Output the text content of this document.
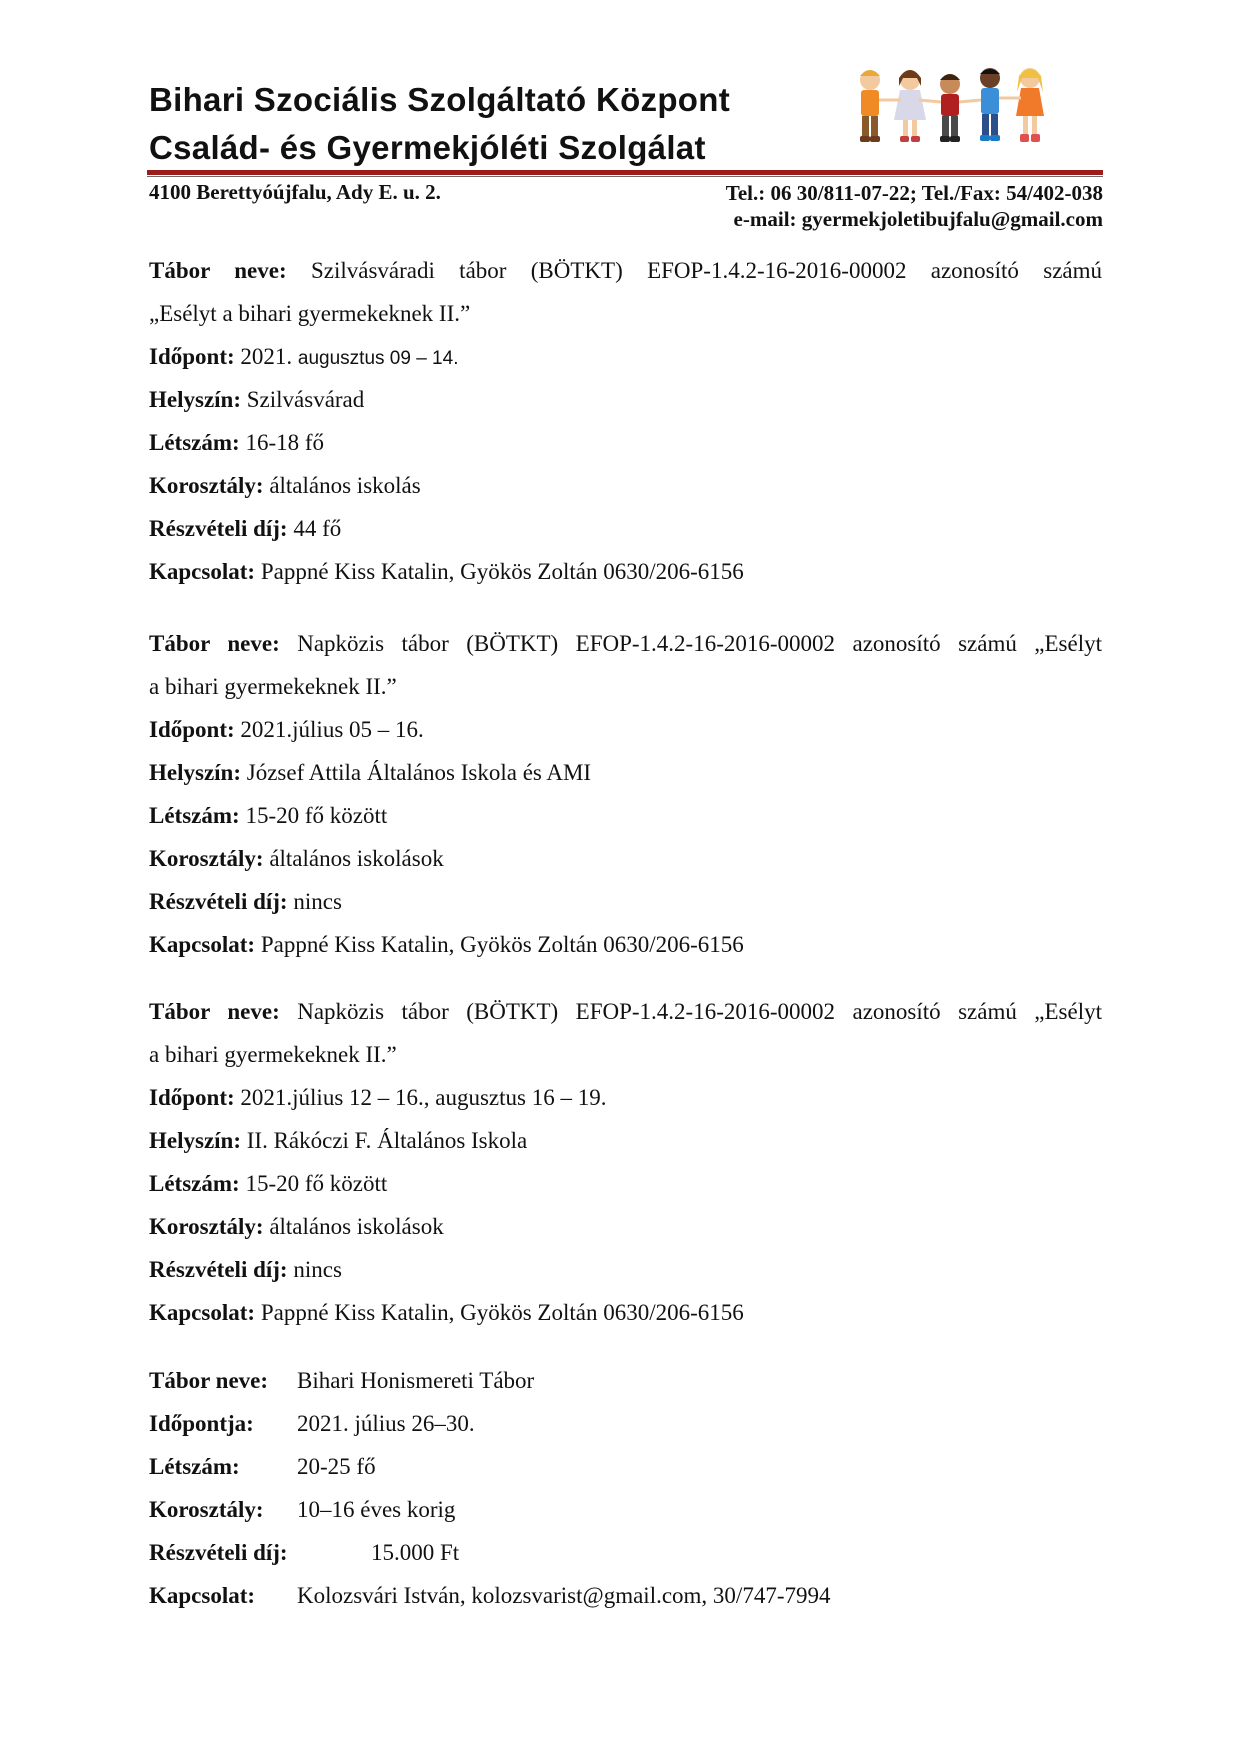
Bihari Szociális Szolgáltató Központ
Család- és Gyermekjóléti Szolgálat
4100 Berettyóújfalu, Ady E. u. 2.	Tel.: 06 30/811-07-22; Tel./Fax: 54/402-038
e-mail: gyermekjoletibujfalu@gmail.com
Tábor neve: Szilvásváradi tábor (BÖTKT) EFOP-1.4.2-16-2016-00002 azonosító számú
„Esélyt a bihari gyermekeknek II.”
Időpont: 2021. augusztus 09 – 14.
Helyszín: Szilvásvárad
Létszám: 16-18 fő
Korosztály: általános iskolás
Részvételi díj: 44 fő
Kapcsolat: Pappné Kiss Katalin, Gyökös Zoltán 0630/206-6156
Tábor neve: Napközis tábor (BÖTKT) EFOP-1.4.2-16-2016-00002 azonosító számú „Esélyt
a bihari gyermekeknek II.”
Időpont: 2021.július 05 – 16.
Helyszín: József Attila Általános Iskola és AMI
Létszám: 15-20 fő között
Korosztály: általános iskolások
Részvételi díj: nincs
Kapcsolat: Pappné Kiss Katalin, Gyökös Zoltán 0630/206-6156
Tábor neve: Napközis tábor (BÖTKT) EFOP-1.4.2-16-2016-00002 azonosító számú „Esélyt
a bihari gyermekeknek II.”
Időpont: 2021.július 12 – 16., augusztus 16 – 19.
Helyszín: II. Rákóczi F. Általános Iskola
Létszám: 15-20 fő között
Korosztály: általános iskolások
Részvételi díj: nincs
Kapcsolat: Pappné Kiss Katalin, Gyökös Zoltán 0630/206-6156
Tábor neve:	Bihari Honismereti Tábor
Időpontja:	2021. július 26–30.
Létszám:	20-25 fő
Korosztály:	10–16 éves korig
Részvételi díj:	15.000 Ft
Kapcsolat:	Kolozsvári István, kolozsvarist@gmail.com, 30/747-7994
